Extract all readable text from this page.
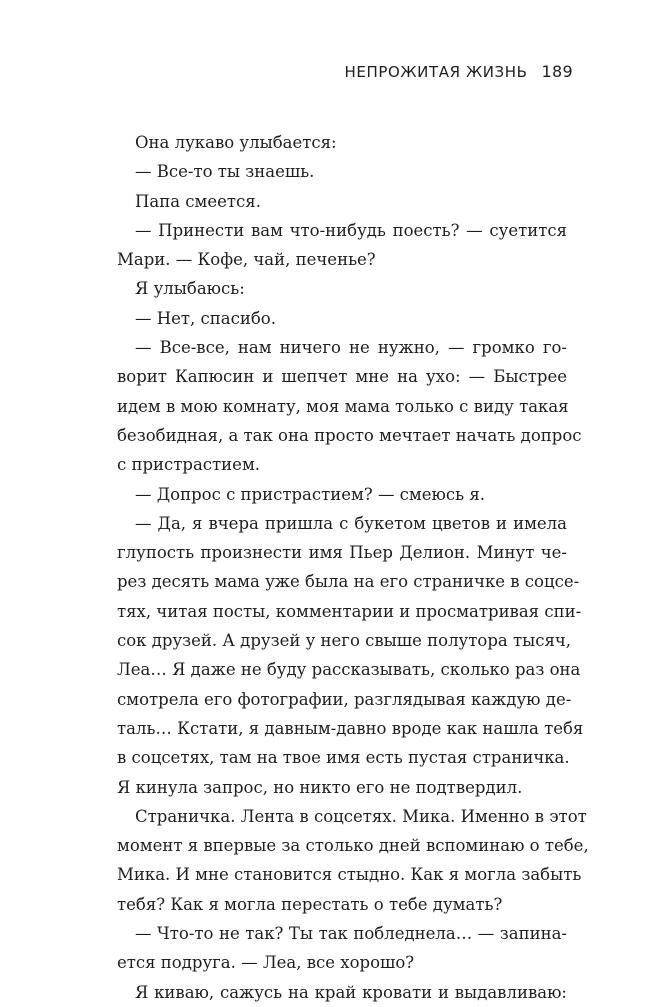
НЕПРОЖИТАЯ ЖИЗНЬ 189
Она лукаво улыбается:
— Все-то ты знаешь.
Папа смеется.
— Принести вам что-нибудь поесть? — суетится
Мари. — Кофе, чай, печенье?
Я улыбаюсь:
— Нет, спасибо.
— Все-все, нам ничего не нужно, — громко го-
ворит Капюсин и шепчет мне на ухо: — Быстрее
идем в мою комнату, моя мама только с виду такая
безобидная, а так она просто мечтает начать допрос
с пристрастием.
— Допрос с пристрастием? — смеюсь я.
— Да, я вчера пришла с букетом цветов и имела
глупость произнести имя Пьер Делион. Минут че-
рез десять мама уже была на его страничке в соцсе-
тях, читая посты, комментарии и просматривая спи-
сок друзей. А друзей у него свыше полутора тысяч,
Леа… Я даже не буду рассказывать, сколько раз она
смотрела его фотографии, разглядывая каждую де-
таль… Кстати, я давным-давно вроде как нашла тебя
в соцсетях, там на твое имя есть пустая страничка.
Я кинула запрос, но никто его не подтвердил.
Страничка. Лента в соцсетях. Мика. Именно в этот
момент я впервые за столько дней вспоминаю о тебе,
Мика. И мне становится стыдно. Как я могла забыть
тебя? Как я могла перестать о тебе думать?
— Что-то не так? Ты так побледнела… — запина-
ется подруга. — Леа, все хорошо?
Я киваю, сажусь на край кровати и выдавливаю:
